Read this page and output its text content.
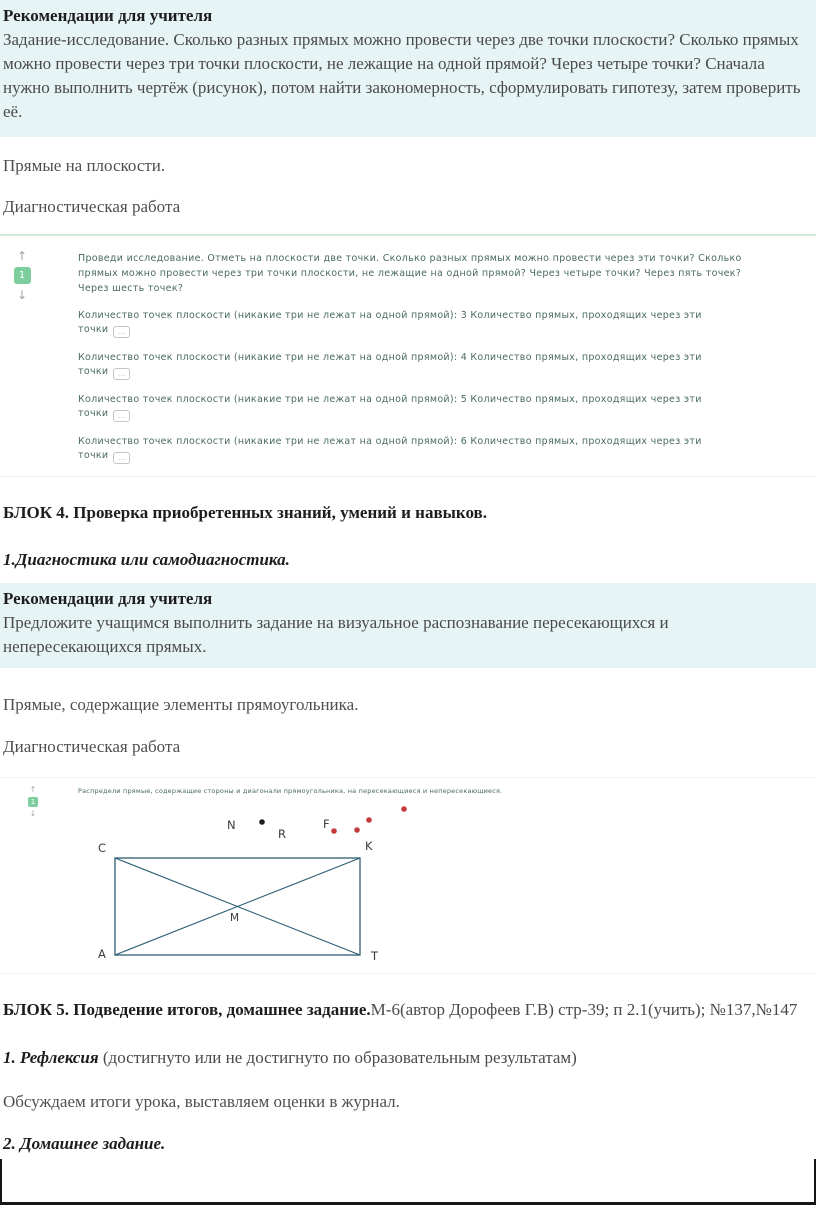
Рекомендации для учителя

Задание-исследование. Сколько разных прямых можно провести через две точки плоскости? Сколько прямых можно провести через три точки плоскости, не лежащие на одной прямой? Через четыре точки? Сначала нужно выполнить чертёж (рисунок), потом найти закономерность, сформулировать гипотезу, затем проверить её.

Прямые на плоскости.

Диагностическая работа

↑
1
↓

Проведи исследование. Отметь на плоскости две точки. Сколько разных прямых можно провести через эти точки? Сколько прямых можно провести через три точки плоскости, не лежащие на одной прямой? Через четыре точки? Через пять точек? Через шесть точек?

Количество точек плоскости (никакие три не лежат на одной прямой): 3 Количество прямых, проходящих через эти точки …
Количество точек плоскости (никакие три не лежат на одной прямой): 4 Количество прямых, проходящих через эти точки …
Количество точек плоскости (никакие три не лежат на одной прямой): 5 Количество прямых, проходящих через эти точки …
Количество точек плоскости (никакие три не лежат на одной прямой): 6 Количество прямых, проходящих через эти точки …
БЛОК 4. Проверка приобретенных знаний, умений и навыков.
1.Диагностика или самодиагностика.
Рекомендации для учителя

Предложите учащимся выполнить задание на визуальное распознавание пересекающихся и непересекающихся прямых.

Прямые, содержащие элементы прямоугольника.

Диагностическая работа

↑
1
↓

Распредели прямые, содержащие стороны и диагонали прямоугольника, на пересекающиеся и непересекающиеся.

C	K
A	T
M
N
R
F

БЛОК 5. Подведение итогов, домашнее задание.М-6(автор Дорофеев Г.В) стр-39; п 2.1(учить); №137,№147

1. Рефлексия (достигнуто или не достигнуто по образовательным результатам)

Обсуждаем итоги урока, выставляем оценки в журнал.

2. Домашнее задание.
